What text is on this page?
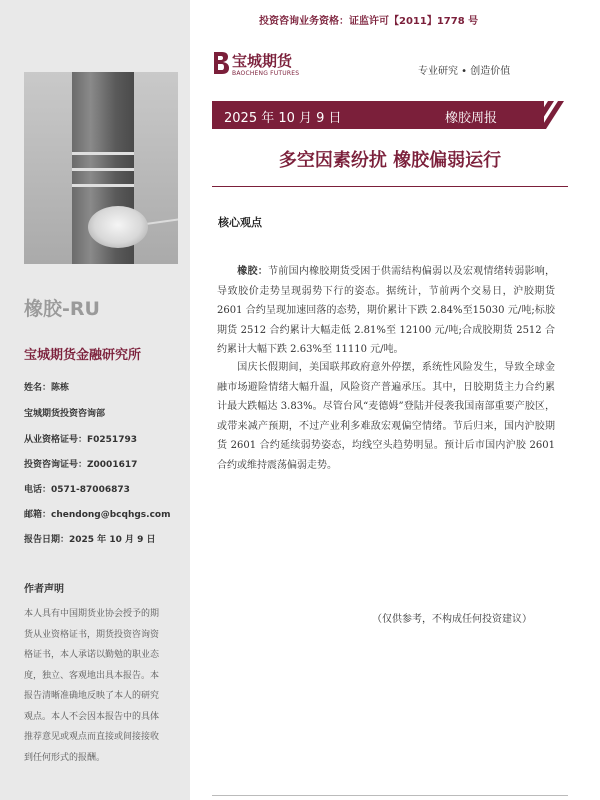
橡胶-RU
宝城期货金融研究所
姓名：陈栋
宝城期货投资咨询部
从业资格证号：F0251793
投资咨询证号：Z0001617
电话：0571-87006873
邮箱：chendong@bcqhgs.com
报告日期：2025 年 10 月 9 日
作者声明
本人具有中国期货业协会授予的期货从业资格证书，期货投资咨询资格证书，本人承诺以勤勉的职业态度，独立、客观地出具本报告。本报告清晰准确地反映了本人的研究观点。本人不会因本报告中的具体推荐意见或观点而直接或间接接收到任何形式的报酬。
投资咨询业务资格：证监许可【2011】1778 号
宝城期货
BAOCHENG FUTURES	专业研究 • 创造价值
2025 年 10 月 9 日	橡胶周报
多空因素纷扰 橡胶偏弱运行
核心观点
橡胶：节前国内橡胶期货受困于供需结构偏弱以及宏观情绪转弱影响，导致胶价走势呈现弱势下行的姿态。据统计，节前两个交易日，沪胶期货 2601 合约呈现加速回落的态势，期价累计下跌 2.84%至15030 元/吨;标胶期货 2512 合约累计大幅走低 2.81%至 12100 元/吨;合成胶期货 2512 合约累计大幅下跌 2.63%至 11110 元/吨。
国庆长假期间，美国联邦政府意外停摆，系统性风险发生，导致全球金融市场避险情绪大幅升温，风险资产普遍承压。其中，日胶期货主力合约累计最大跌幅达 3.83%。尽管台风“麦德姆”登陆并侵袭我国南部重要产胶区，或带来减产预期，不过产业利多难敌宏观偏空情绪。节后归来，国内沪胶期货 2601 合约延续弱势姿态，均线空头趋势明显。预计后市国内沪胶 2601 合约或维持震荡偏弱走势。
（仅供参考，不构成任何投资建议）
